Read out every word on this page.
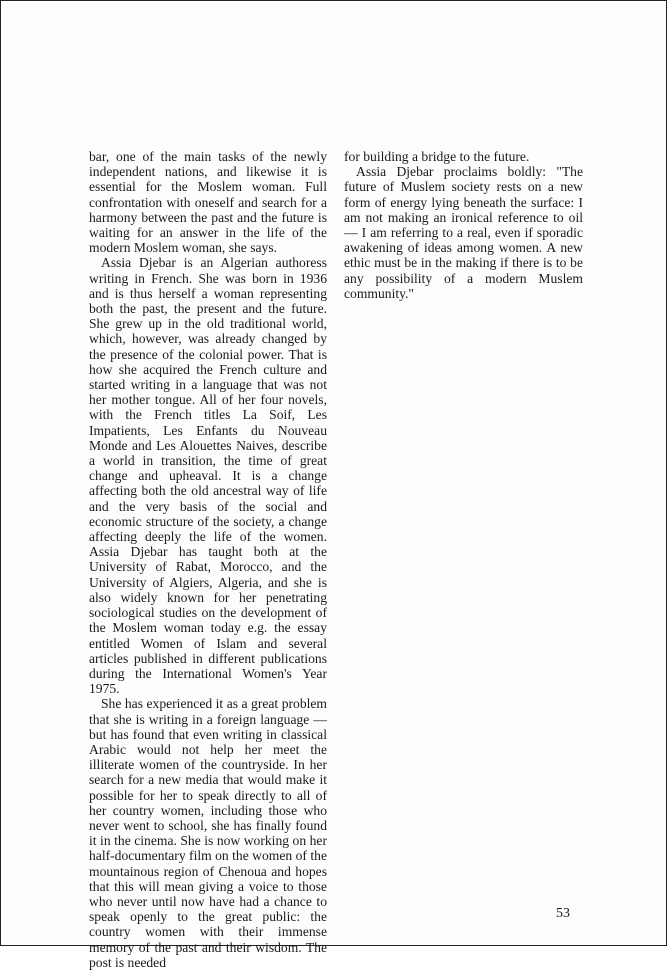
bar, one of the main tasks of the newly independent nations, and likewise it is essential for the Moslem woman. Full confrontation with oneself and search for a harmony between the past and the future is waiting for an answer in the life of the modern Moslem woman, she says.

Assia Djebar is an Algerian authoress writing in French. She was born in 1936 and is thus herself a woman representing both the past, the present and the future. She grew up in the old traditional world, which, however, was already changed by the presence of the colonial power. That is how she acquired the French culture and started writing in a language that was not her mother tongue. All of her four novels, with the French titles La Soif, Les Impatients, Les Enfants du Nouveau Monde and Les Alouettes Naives, describe a world in transition, the time of great change and upheaval. It is a change affecting both the old ancestral way of life and the very basis of the social and economic structure of the society, a change affecting deeply the life of the women. Assia Djebar has taught both at the University of Rabat, Morocco, and the University of Algiers, Algeria, and she is also widely known for her penetrating sociological studies on the development of the Moslem woman today e.g. the essay entitled Women of Islam and several articles published in different publications during the International Women's Year 1975.

She has experienced it as a great problem that she is writing in a foreign language — but has found that even writing in classical Arabic would not help her meet the illiterate women of the countryside. In her search for a new media that would make it possible for her to speak directly to all of her country women, including those who never went to school, she has finally found it in the cinema. She is now working on her half-documentary film on the women of the mountainous region of Chenoua and hopes that this will mean giving a voice to those who never until now have had a chance to speak openly to the great public: the country women with their immense memory of the past and their wisdom. The post is needed

for building a bridge to the future.

Assia Djebar proclaims boldly: "The future of Muslem society rests on a new form of energy lying beneath the surface: I am not making an ironical reference to oil — I am referring to a real, even if sporadic awakening of ideas among women. A new ethic must be in the making if there is to be any possibility of a modern Muslem community."

53
